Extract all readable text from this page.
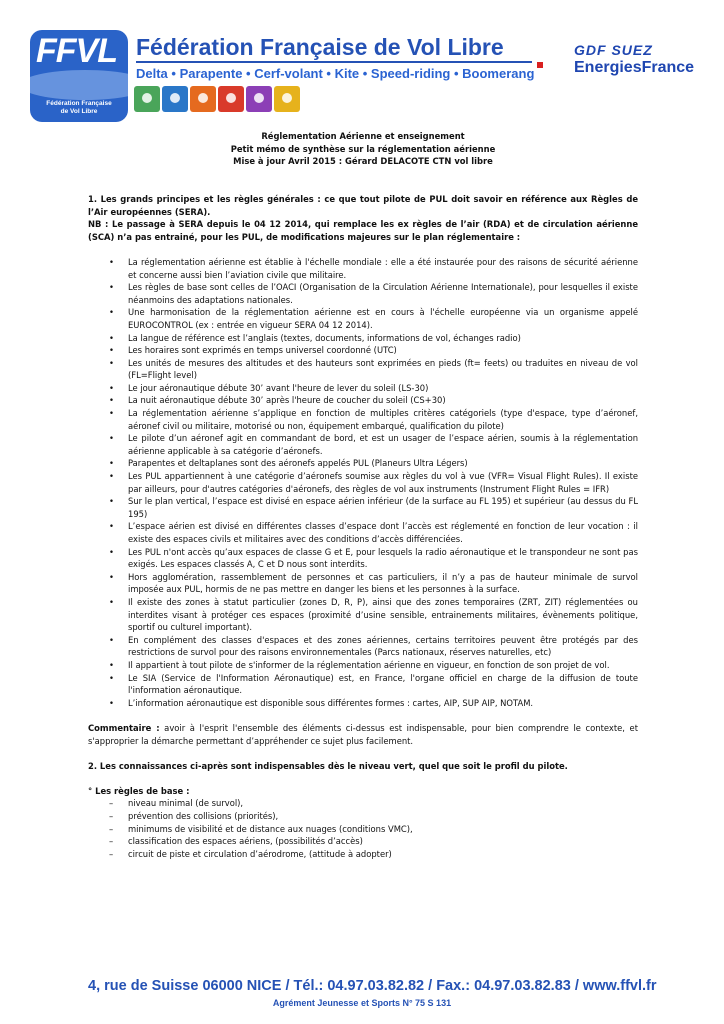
FFVL
Fédération Française
de Vol Libre
Fédération Française de Vol Libre
Delta • Parapente • Cerf-volant • Kite • Speed-riding • Boomerang
GDF SUEZ
EnergiesFrance
Réglementation Aérienne et enseignement
Petit mémo de synthèse sur la réglementation aérienne
Mise à jour Avril 2015 : Gérard DELACOTE CTN vol libre
1. Les grands principes et les règles générales : ce que tout pilote de PUL doit savoir en référence aux Règles de l’Air européennes (SERA).
NB : Le passage à SERA depuis le 04 12 2014, qui remplace les ex règles de l’air (RDA) et de circulation aérienne (SCA) n’a pas entrainé, pour les PUL, de modifications majeures sur le plan réglementaire :
• La réglementation aérienne est établie à l'échelle mondiale : elle a été instaurée pour des raisons de sécurité aérienne et concerne aussi bien l’aviation civile que militaire.
• Les règles de base sont celles de l’OACI (Organisation de la Circulation Aérienne Internationale), pour lesquelles il existe néanmoins des adaptations nationales.
• Une harmonisation de la réglementation aérienne est en cours à l'échelle européenne via un organisme appelé EUROCONTROL (ex : entrée en vigueur SERA 04 12 2014).
• La langue de référence est l’anglais (textes, documents, informations de vol, échanges radio)
• Les horaires sont exprimés en temps universel coordonné (UTC)
• Les unités de mesures des altitudes et des hauteurs sont exprimées en pieds (ft= feets) ou traduites en niveau de vol (FL=Flight level)
• Le jour aéronautique débute 30’ avant l'heure de lever du soleil (LS-30)
• La nuit aéronautique débute 30’ après l'heure de coucher du soleil (CS+30)
• La réglementation aérienne s’applique en fonction de multiples critères catégoriels (type d'espace, type d’aéronef, aéronef civil ou militaire, motorisé ou non, équipement embarqué, qualification du pilote)
• Le pilote d’un aéronef agit en commandant de bord, et est un usager de l’espace aérien, soumis à la réglementation aérienne applicable à sa catégorie d’aéronefs.
• Parapentes et deltaplanes sont des aéronefs appelés PUL (Planeurs Ultra Légers)
• Les PUL appartiennent à une catégorie d’aéronefs soumise aux règles du vol à vue (VFR= Visual Flight Rules). Il existe par ailleurs, pour d'autres catégories d'aéronefs, des règles de vol aux instruments (Instrument Flight Rules = IFR)
• Sur le plan vertical, l’espace est divisé en espace aérien inférieur (de la surface au FL 195) et supérieur (au dessus du FL 195)
• L’espace aérien est divisé en différentes classes d’espace dont l’accès est réglementé en fonction de leur vocation : il existe des espaces civils et militaires avec des conditions d’accès différenciées.
• Les PUL n'ont accès qu’aux espaces de classe G et E, pour lesquels la radio aéronautique et le transpondeur ne sont pas exigés. Les espaces classés A, C et D nous sont interdits.
• Hors agglomération, rassemblement de personnes et cas particuliers, il n’y a pas de hauteur minimale de survol imposée aux PUL, hormis de ne pas mettre en danger les biens et les personnes à la surface.
• Il existe des zones à statut particulier (zones D, R, P), ainsi que des zones temporaires (ZRT, ZIT) réglementées ou interdites visant à protéger ces espaces (proximité d’usine sensible, entrainements militaires, évènements politique, sportif ou culturel important).
• En complément des classes d'espaces et des zones aériennes, certains territoires peuvent être protégés par des restrictions de survol pour des raisons environnementales (Parcs nationaux, réserves naturelles, etc)
• Il appartient à tout pilote de s'informer de la réglementation aérienne en vigueur, en fonction de son projet de vol.
• Le SIA (Service de l'Information Aéronautique) est, en France, l'organe officiel en charge de la diffusion de toute l'information aéronautique.
• L’information aéronautique est disponible sous différentes formes : cartes, AIP, SUP AIP, NOTAM.
Commentaire : avoir à l'esprit l'ensemble des éléments ci-dessus est indispensable, pour bien comprendre le contexte, et s'approprier la démarche permettant d’appréhender ce sujet plus facilement.
2. Les connaissances ci-après sont indispensables dès le niveau vert, quel que soit le profil du pilote.
° Les règles de base :
– niveau minimal (de survol),
– prévention des collisions (priorités),
– minimums de visibilité et de distance aux nuages (conditions VMC),
– classification des espaces aériens, (possibilités d’accès)
– circuit de piste et circulation d’aérodrome, (attitude à adopter)
4, rue de Suisse 06000 NICE / Tél.: 04.97.03.82.82 / Fax.: 04.97.03.82.83 / www.ffvl.fr
Agrément Jeunesse et Sports N° 75 S 131
